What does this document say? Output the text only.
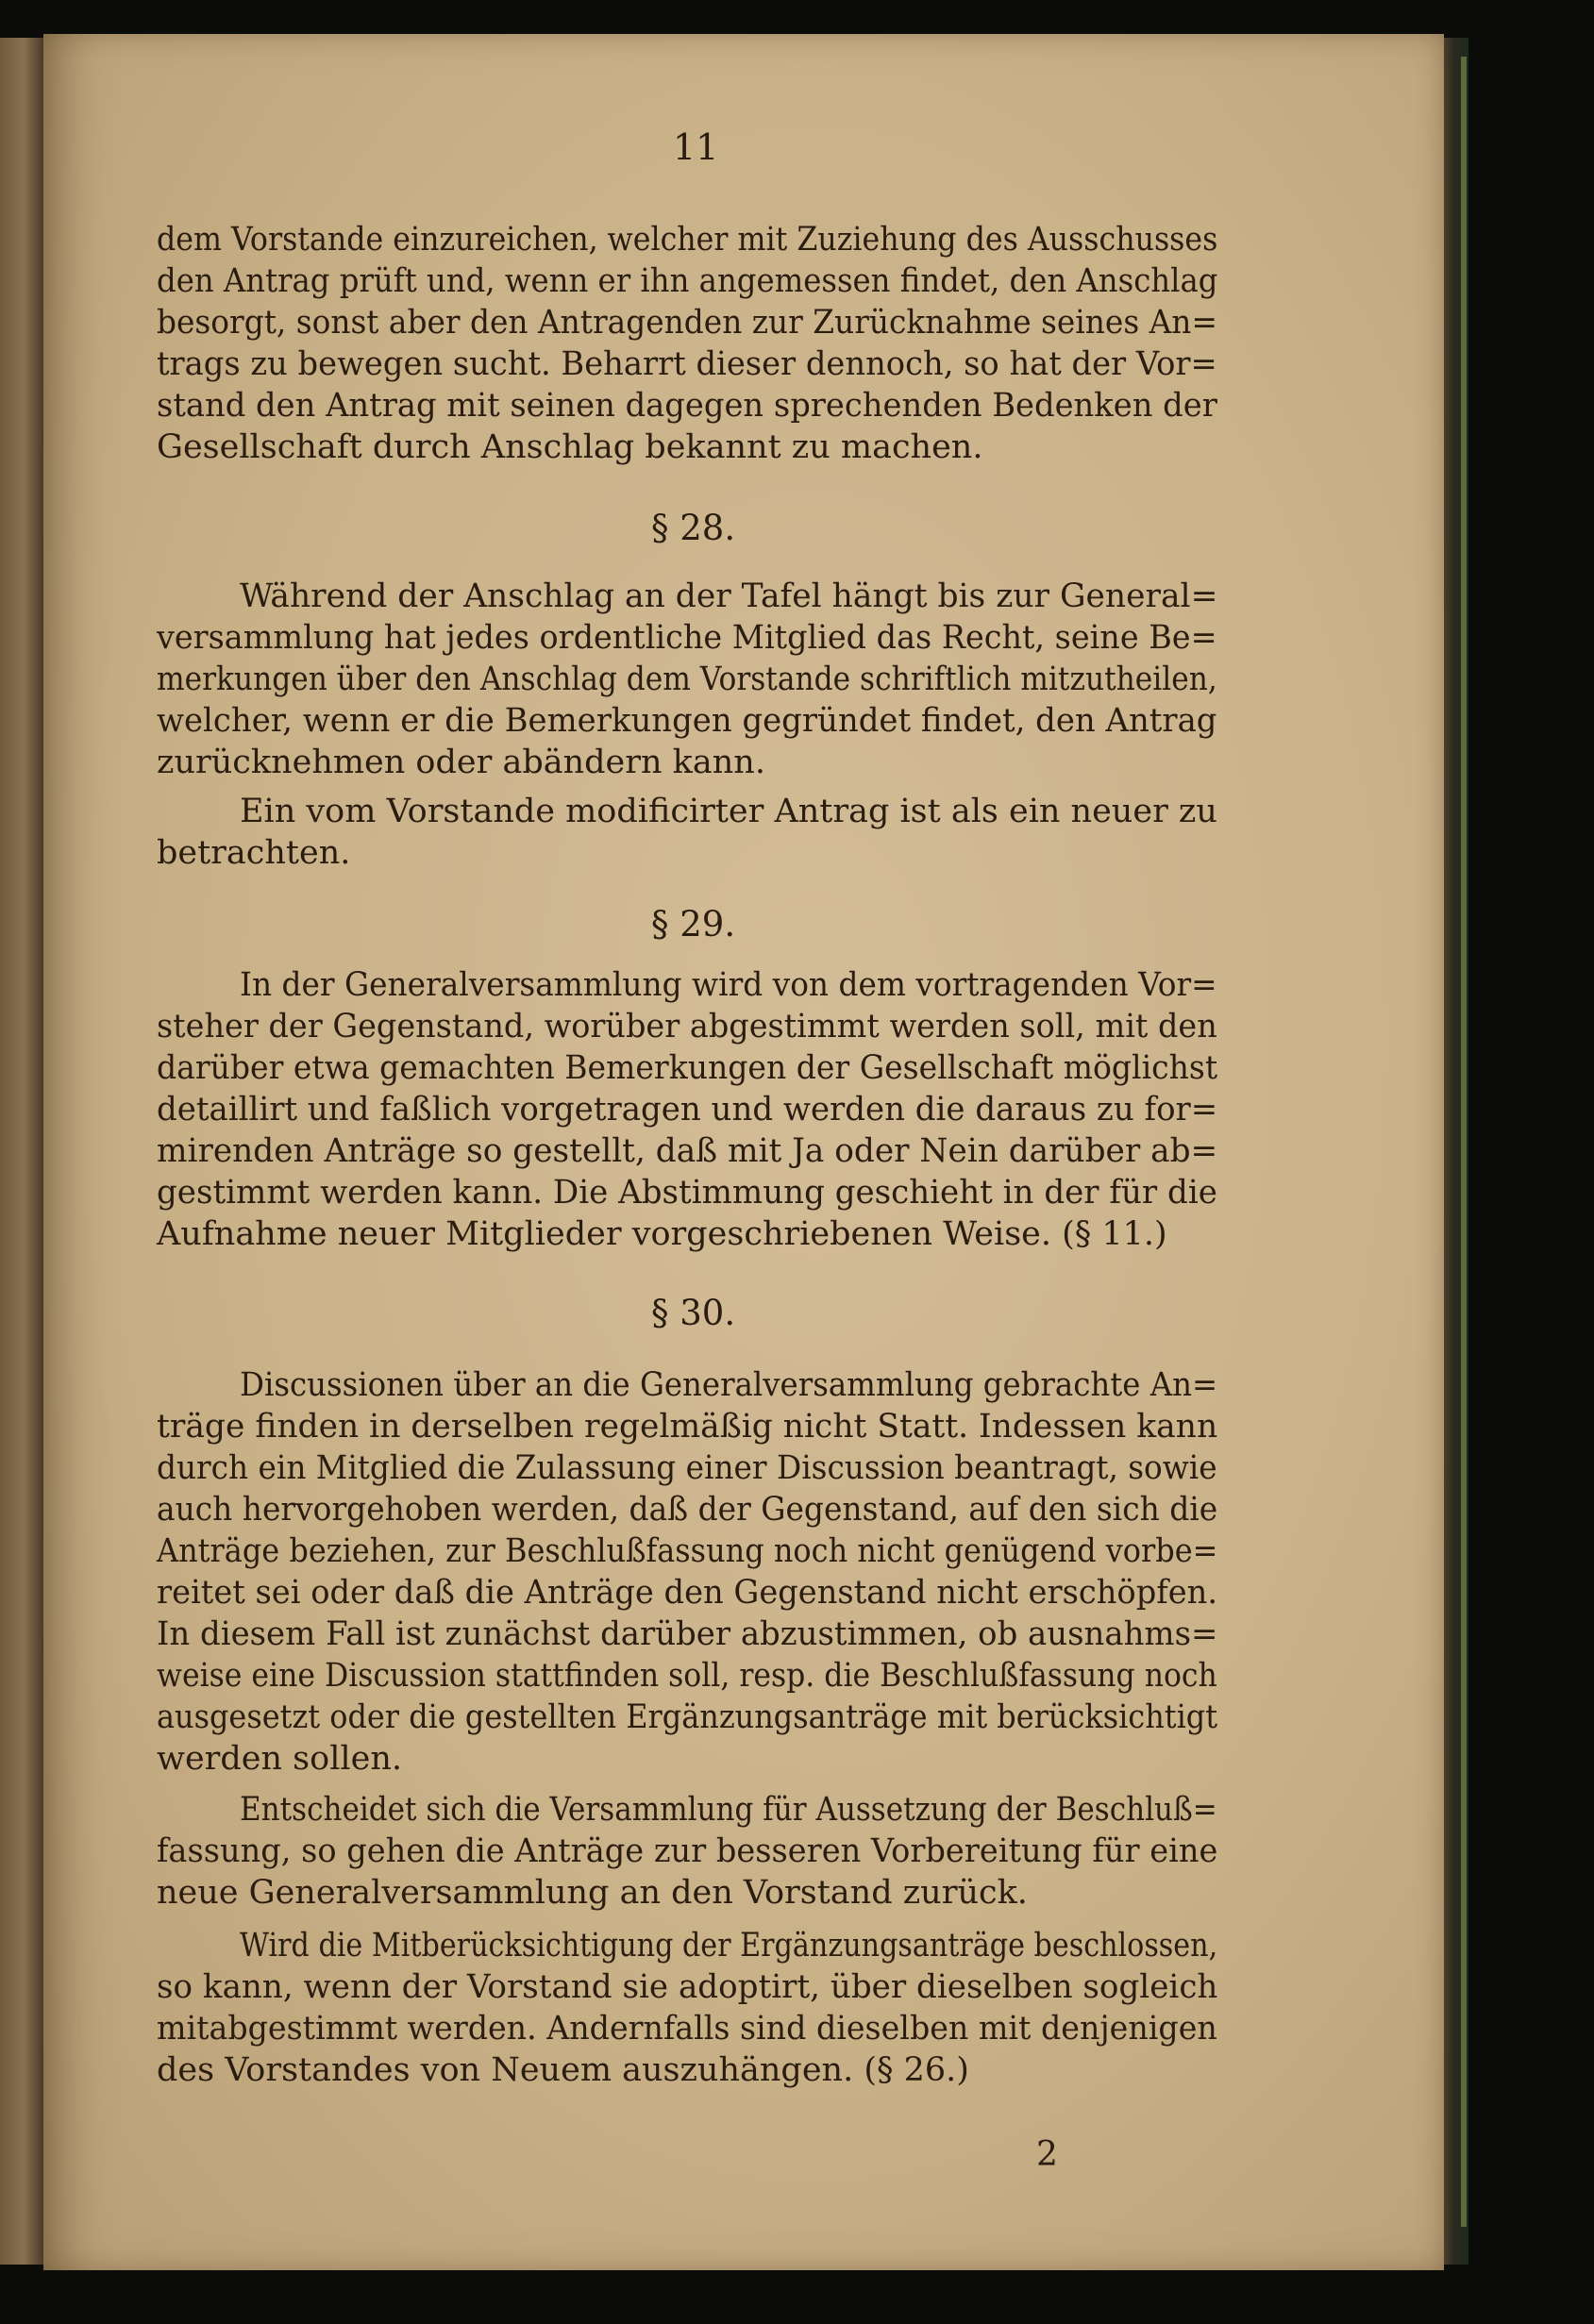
11
dem Vorstande einzureichen, welcher mit Zuziehung des Ausschusses
den Antrag prüft und, wenn er ihn angemessen findet, den Anschlag
besorgt, sonst aber den Antragenden zur Zurücknahme seines An=
trags zu bewegen sucht. Beharrt dieser dennoch, so hat der Vor=
stand den Antrag mit seinen dagegen sprechenden Bedenken der
Gesellschaft durch Anschlag bekannt zu machen.
§ 28.
Während der Anschlag an der Tafel hängt bis zur General=
versammlung hat jedes ordentliche Mitglied das Recht, seine Be=
merkungen über den Anschlag dem Vorstande schriftlich mitzutheilen,
welcher, wenn er die Bemerkungen gegründet findet, den Antrag
zurücknehmen oder abändern kann.
Ein vom Vorstande modificirter Antrag ist als ein neuer zu
betrachten.
§ 29.
In der Generalversammlung wird von dem vortragenden Vor=
steher der Gegenstand, worüber abgestimmt werden soll, mit den
darüber etwa gemachten Bemerkungen der Gesellschaft möglichst
detaillirt und faßlich vorgetragen und werden die daraus zu for=
mirenden Anträge so gestellt, daß mit Ja oder Nein darüber ab=
gestimmt werden kann. Die Abstimmung geschieht in der für die
Aufnahme neuer Mitglieder vorgeschriebenen Weise. (§ 11.)
§ 30.
Discussionen über an die Generalversammlung gebrachte An=
träge finden in derselben regelmäßig nicht Statt. Indessen kann
durch ein Mitglied die Zulassung einer Discussion beantragt, sowie
auch hervorgehoben werden, daß der Gegenstand, auf den sich die
Anträge beziehen, zur Beschlußfassung noch nicht genügend vorbe=
reitet sei oder daß die Anträge den Gegenstand nicht erschöpfen.
In diesem Fall ist zunächst darüber abzustimmen, ob ausnahms=
weise eine Discussion stattfinden soll, resp. die Beschlußfassung noch
ausgesetzt oder die gestellten Ergänzungsanträge mit berücksichtigt
werden sollen.
Entscheidet sich die Versammlung für Aussetzung der Beschluß=
fassung, so gehen die Anträge zur besseren Vorbereitung für eine
neue Generalversammlung an den Vorstand zurück.
Wird die Mitberücksichtigung der Ergänzungsanträge beschlossen,
so kann, wenn der Vorstand sie adoptirt, über dieselben sogleich
mitabgestimmt werden. Andernfalls sind dieselben mit denjenigen
des Vorstandes von Neuem auszuhängen. (§ 26.)
2
